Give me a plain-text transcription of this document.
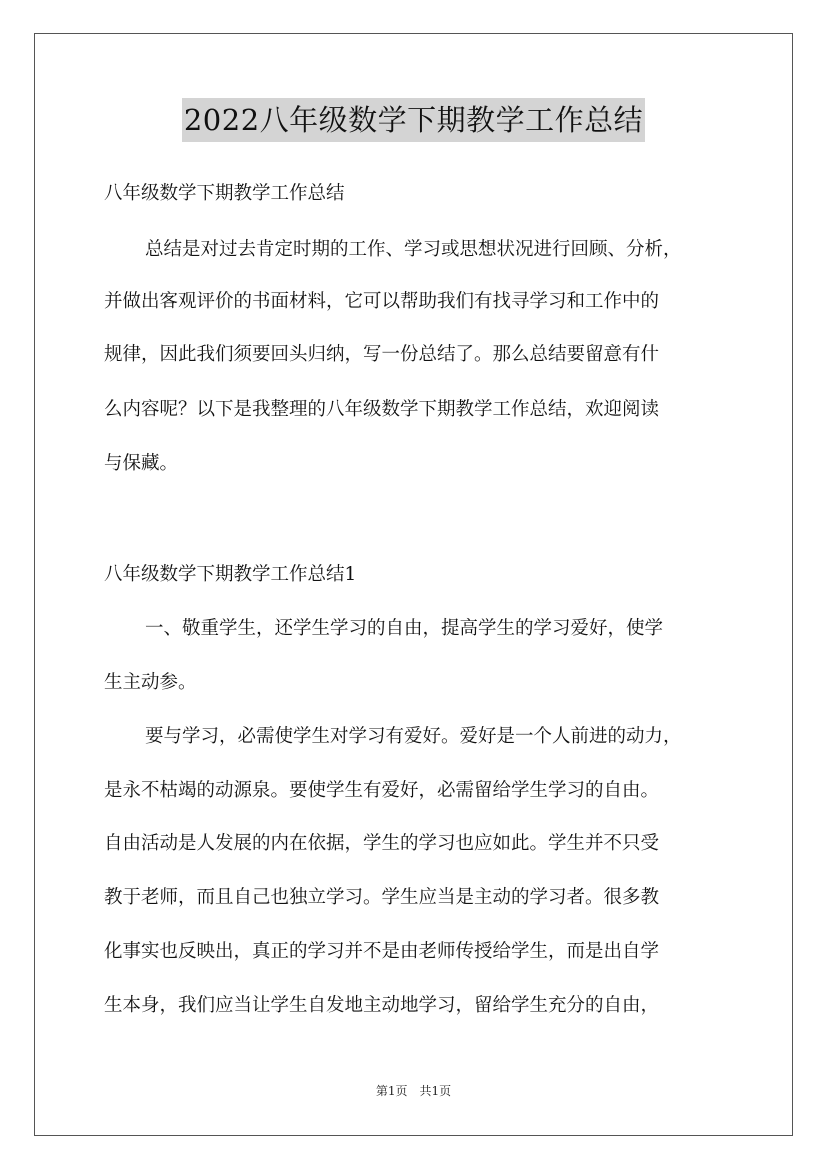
2022八年级数学下期教学工作总结
八年级数学下期教学工作总结
总结是对过去肯定时期的工作、学习或思想状况进行回顾、分析，
并做出客观评价的书面材料，它可以帮助我们有找寻学习和工作中的
规律，因此我们须要回头归纳，写一份总结了。那么总结要留意有什
么内容呢？以下是我整理的八年级数学下期教学工作总结，欢迎阅读
与保藏。
八年级数学下期教学工作总结1
一、敬重学生，还学生学习的自由，提高学生的学习爱好，使学
生主动参。
要与学习，必需使学生对学习有爱好。爱好是一个人前进的动力，
是永不枯竭的动源泉。要使学生有爱好，必需留给学生学习的自由。
自由活动是人发展的内在依据，学生的学习也应如此。学生并不只受
教于老师，而且自己也独立学习。学生应当是主动的学习者。很多教
化事实也反映出，真正的学习并不是由老师传授给学生，而是出自学
生本身，我们应当让学生自发地主动地学习，留给学生充分的自由，
第1页　共1页
